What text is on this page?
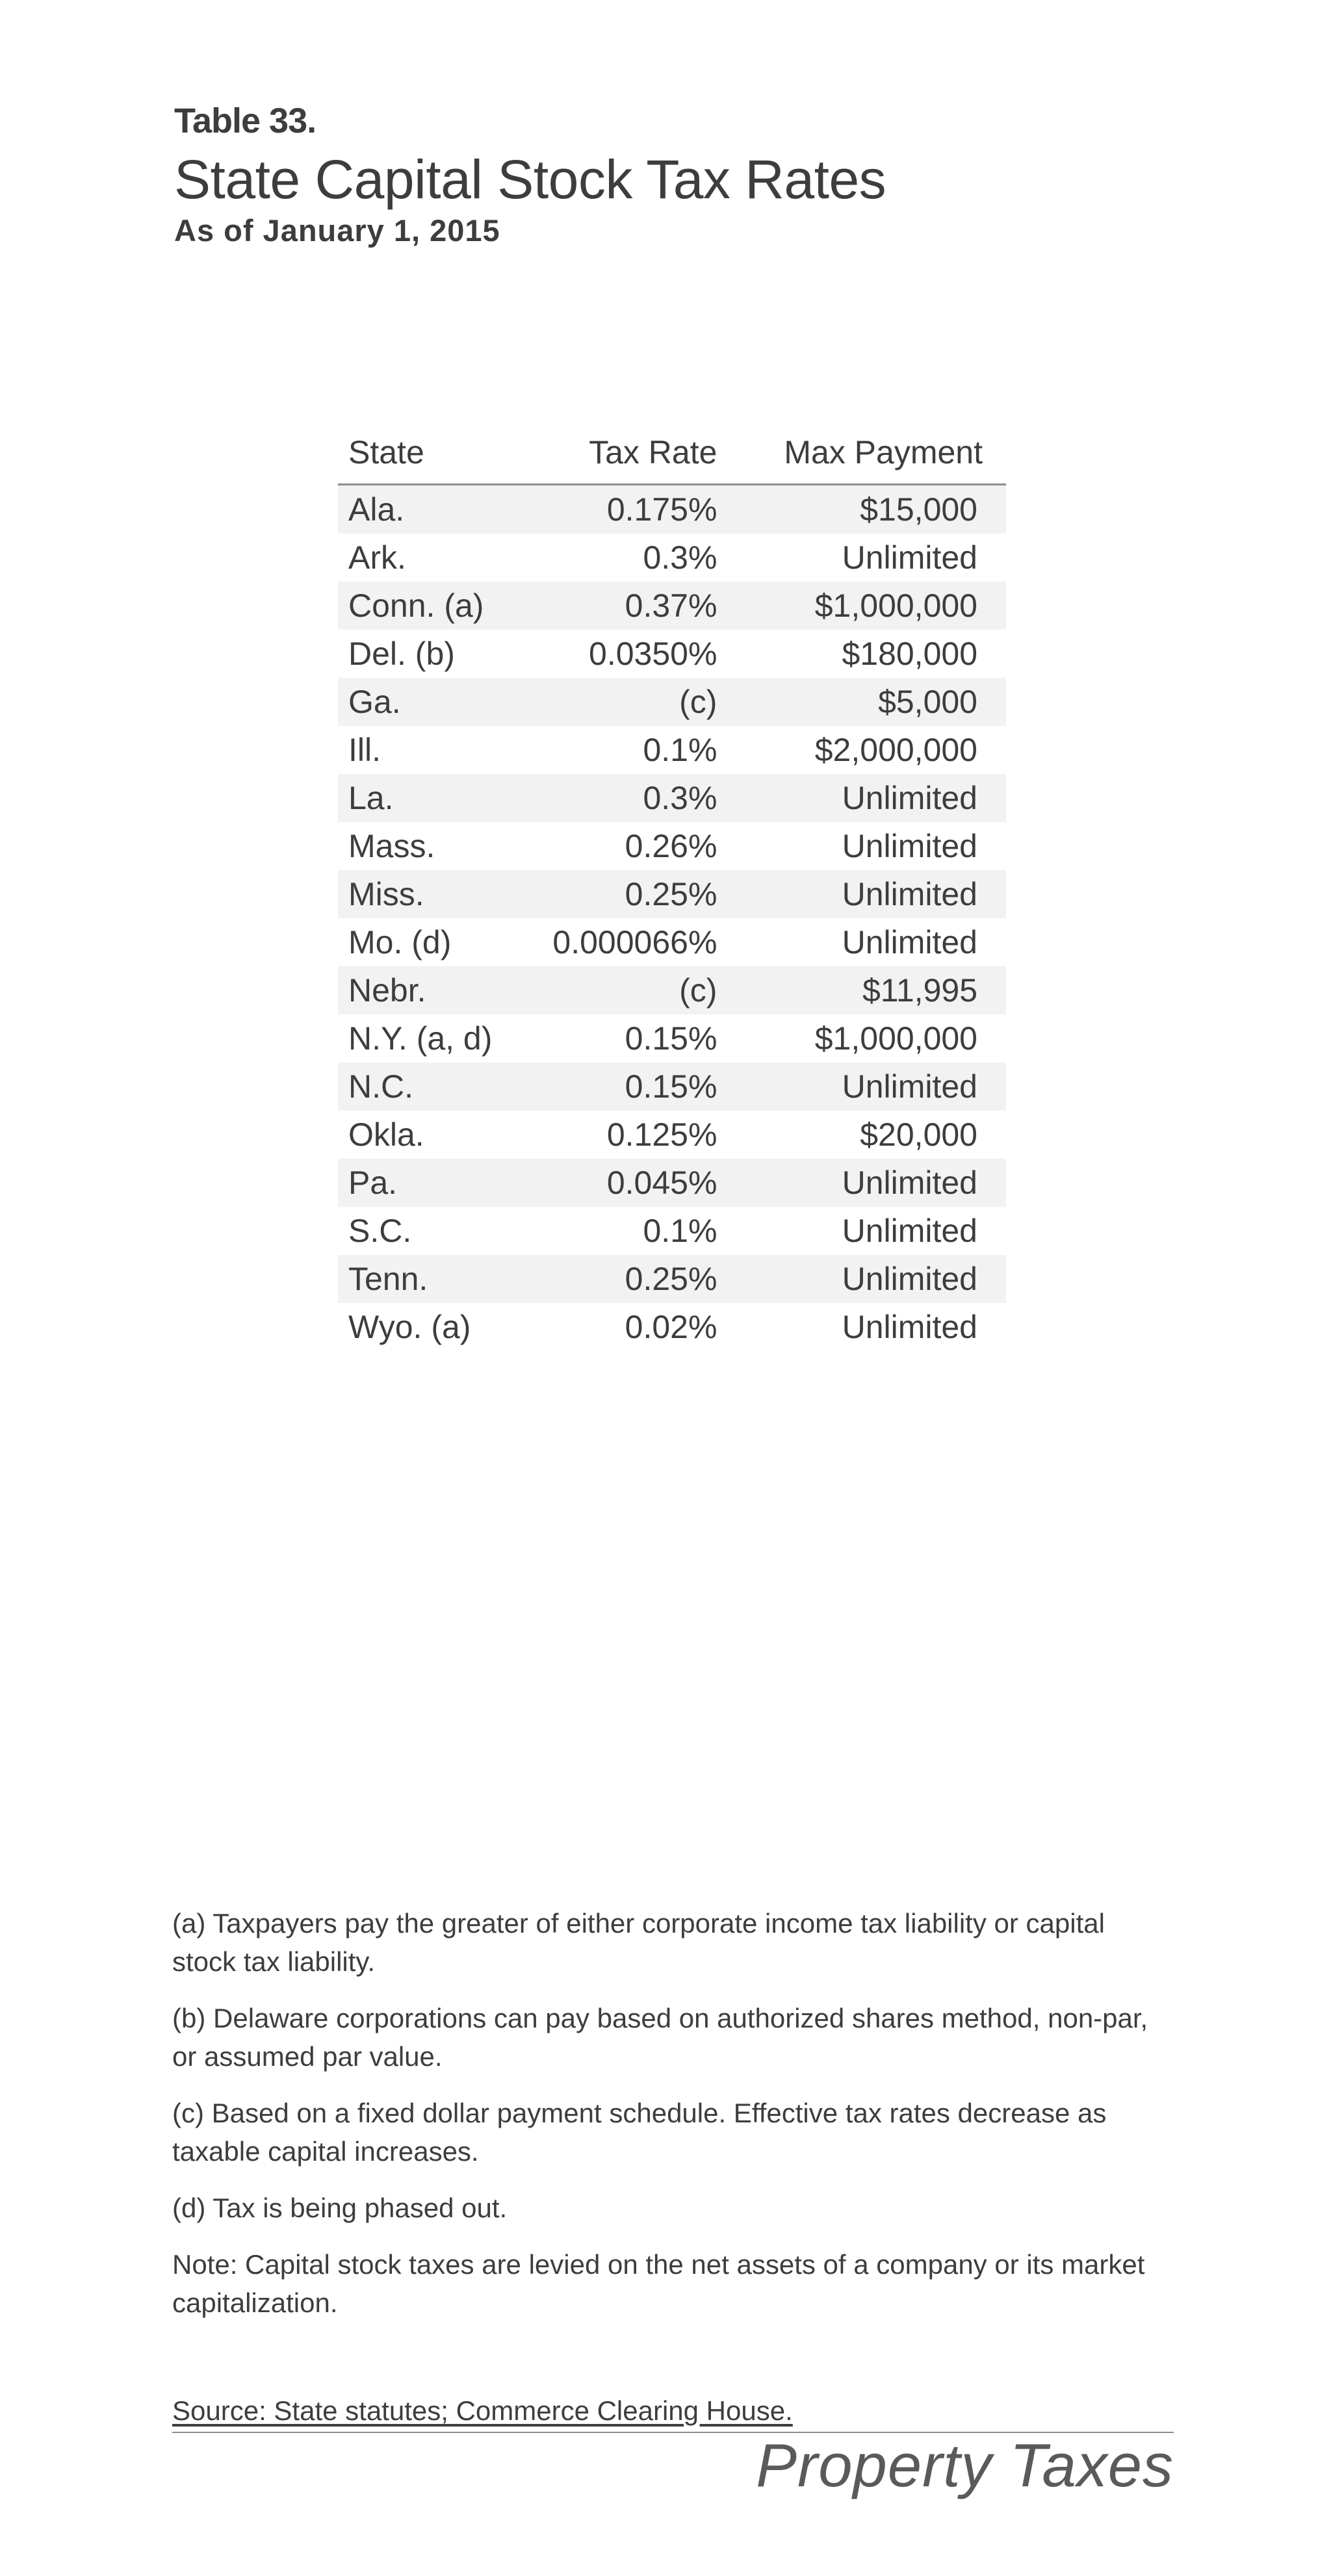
Table 33.
State Capital Stock Tax Rates
As of January 1, 2015
State	Tax Rate	Max Payment
Ala.	0.175%	$15,000
Ark.	0.3%	Unlimited
Conn. (a)	0.37%	$1,000,000
Del. (b)	0.0350%	$180,000
Ga.	(c)	$5,000
Ill.	0.1%	$2,000,000
La.	0.3%	Unlimited
Mass.	0.26%	Unlimited
Miss.	0.25%	Unlimited
Mo. (d)	0.000066%	Unlimited
Nebr.	(c)	$11,995
N.Y. (a, d)	0.15%	$1,000,000
N.C.	0.15%	Unlimited
Okla.	0.125%	$20,000
Pa.	0.045%	Unlimited
S.C.	0.1%	Unlimited
Tenn.	0.25%	Unlimited
Wyo. (a)	0.02%	Unlimited

(a) Taxpayers pay the greater of either corporate income tax liability or capital stock tax liability.

(b) Delaware corporations can pay based on authorized shares method, non-par, or assumed par value.

(c) Based on a fixed dollar payment schedule. Effective tax rates decrease as taxable capital increases.

(d) Tax is being phased out.

Note: Capital stock taxes are levied on the net assets of a company or its market capitalization.

Source: State statutes; Commerce Clearing House.
Property Taxes
